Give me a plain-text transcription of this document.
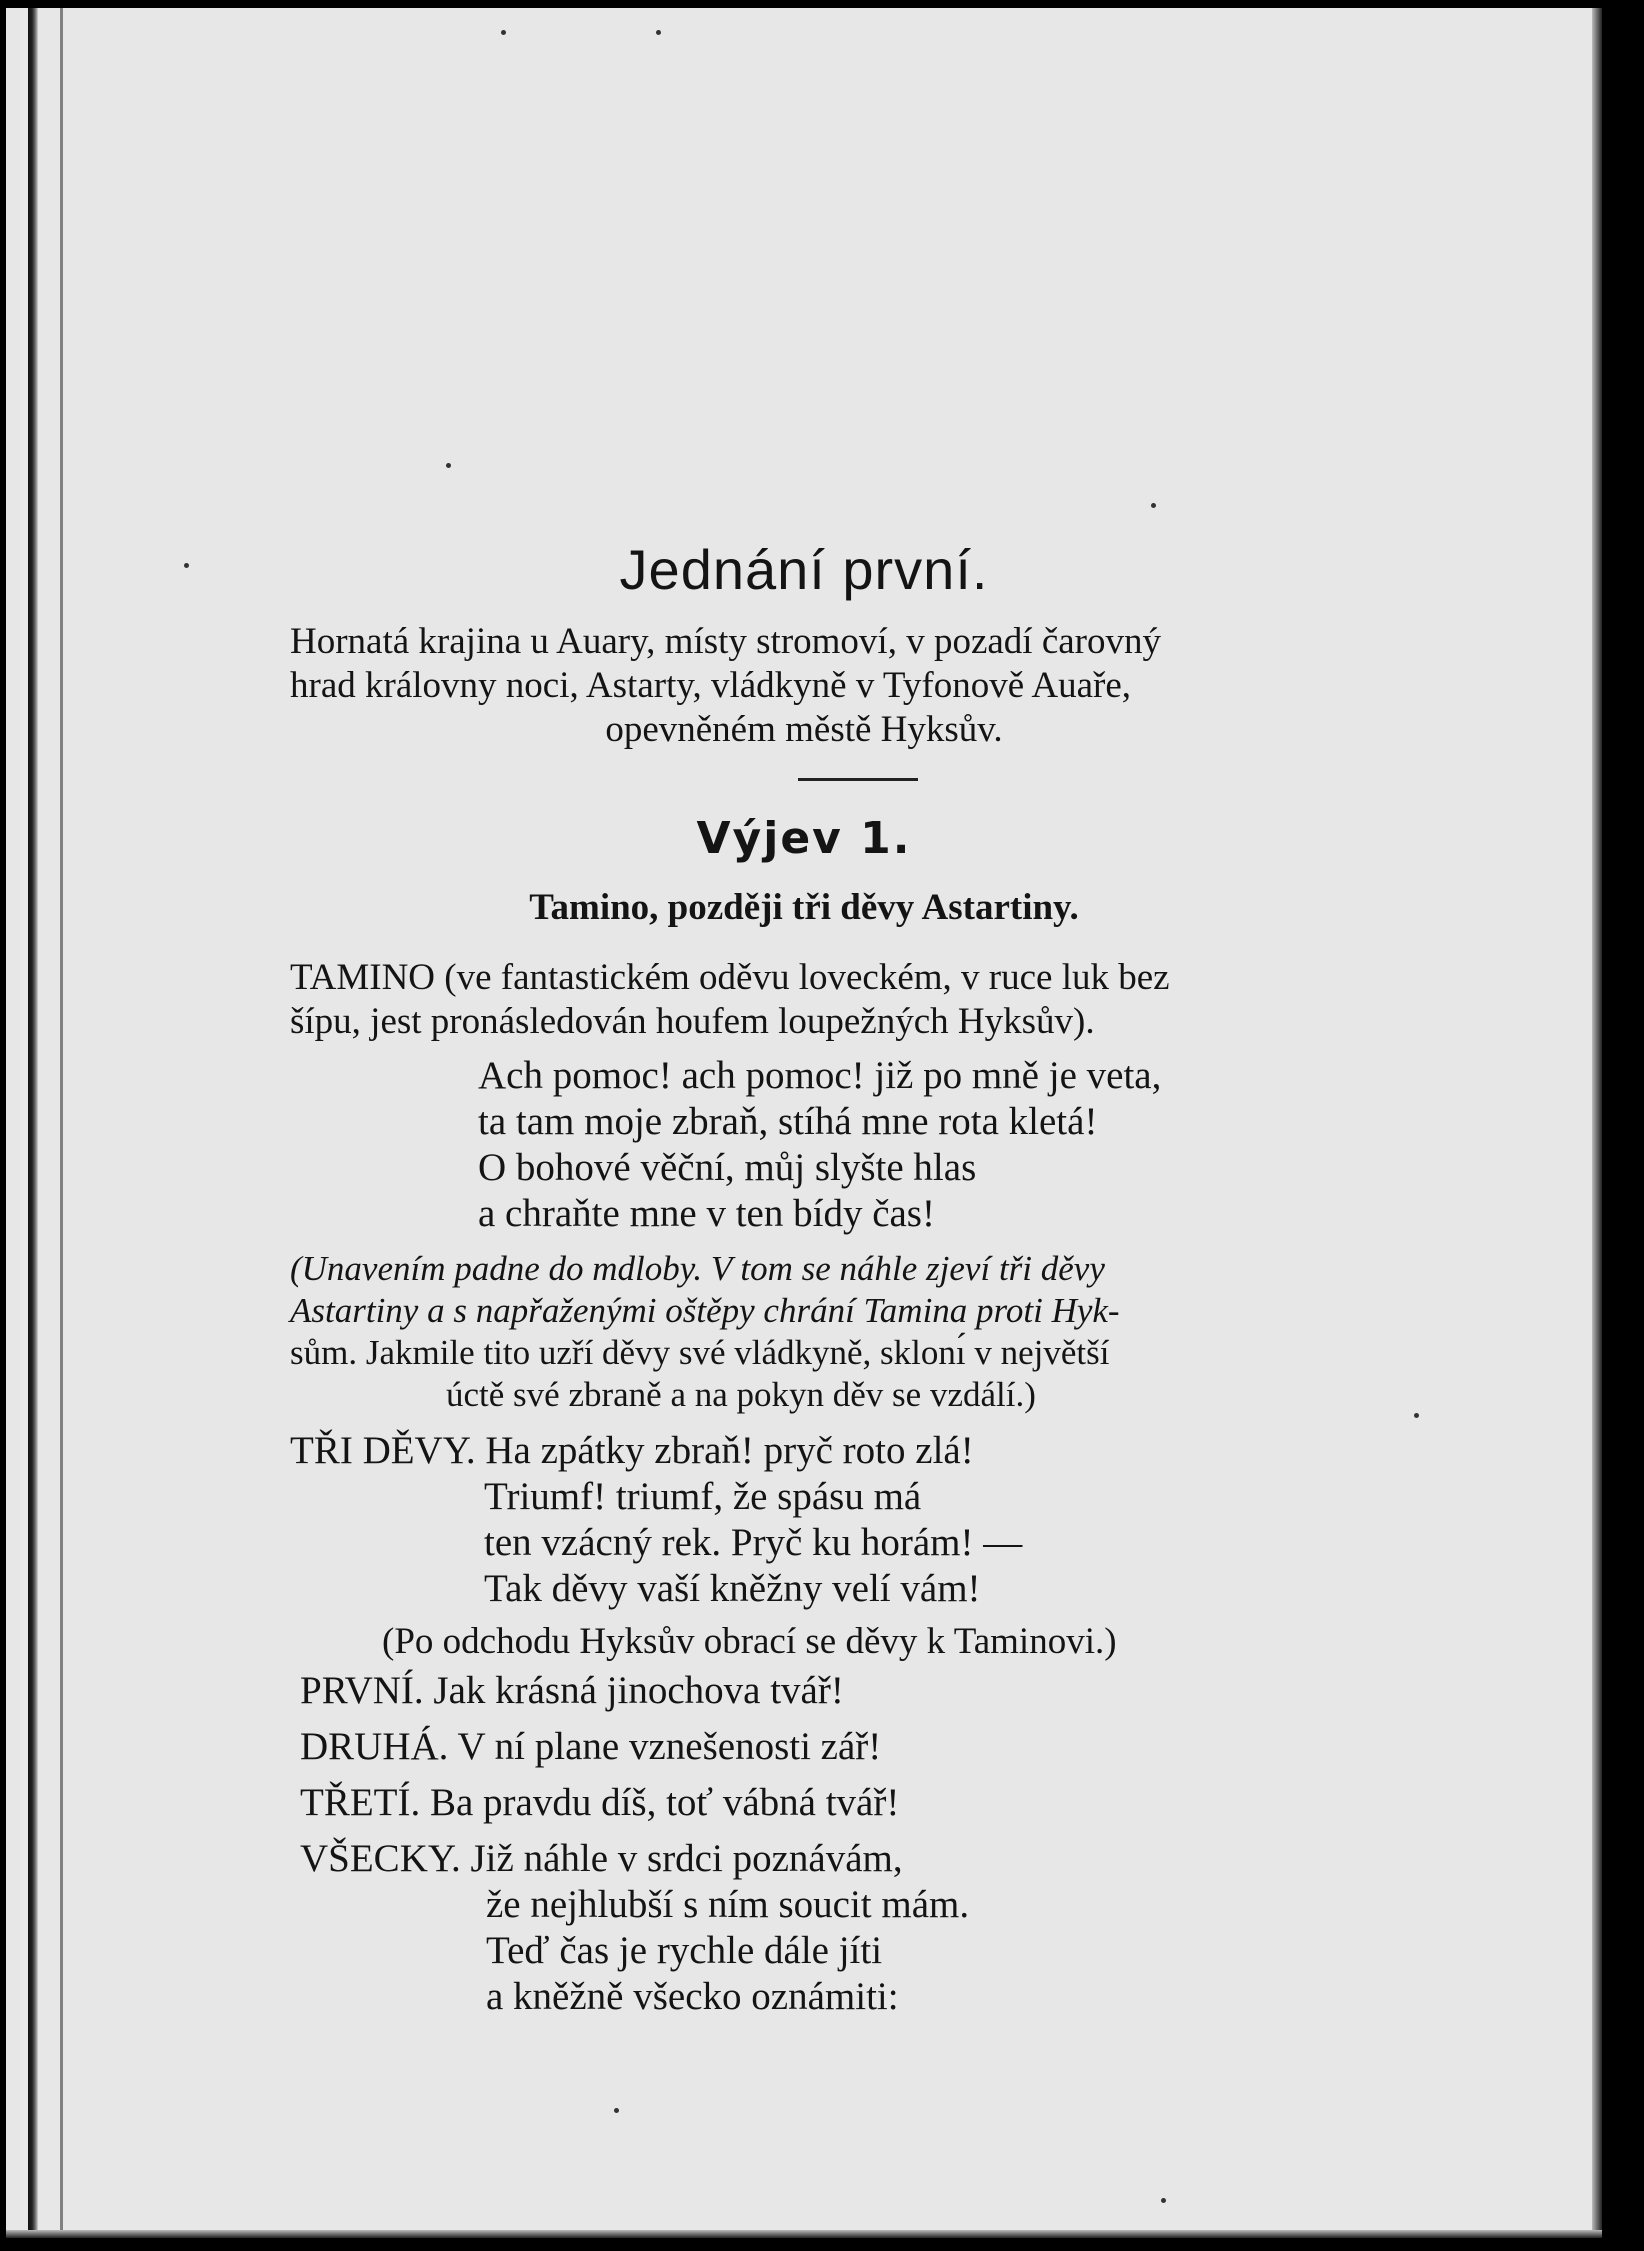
Jednání první.
Hornatá krajina u Auary, místy stromoví, v pozadí čarovný
hrad královny noci, Astarty, vládkyně v Tyfonově Auaře,
opevněném městě Hyksův.
Výjev 1.
Tamino, později tři děvy Astartiny.
TAMINO (ve fantastickém oděvu loveckém, v ruce luk bez
šípu, jest pronásledován houfem loupežných Hyksův).
Ach pomoc! ach pomoc! již po mně je veta,
ta tam moje zbraň, stíhá mne rota kletá!
O bohové věční, můj slyšte hlas
a chraňte mne v ten bídy čas!
(Unavením padne do mdloby. V tom se náhle zjeví tři děvy
Astartiny a s napřaženými oštěpy chrání Tamina proti Hyk-
sům. Jakmile tito uzří děvy své vládkyně, sklonı́ v největší
úctě své zbraně a na pokyn děv se vzdálí.)
TŘI DĚVY. Ha zpátky zbraň! pryč roto zlá!
Triumf! triumf, že spásu má
ten vzácný rek. Pryč ku horám! —
Tak děvy vaší kněžny velí vám!
(Po odchodu Hyksův obrací se děvy k Taminovi.)
PRVNÍ. Jak krásná jinochova tvář!
DRUHÁ. V ní plane vznešenosti zář!
TŘETÍ. Ba pravdu díš, toť vábná tvář!
VŠECKY. Již náhle v srdci poznávám,
že nejhlubší s ním soucit mám.
Teď čas je rychle dále jíti
a kněžně všecko oznámiti:
